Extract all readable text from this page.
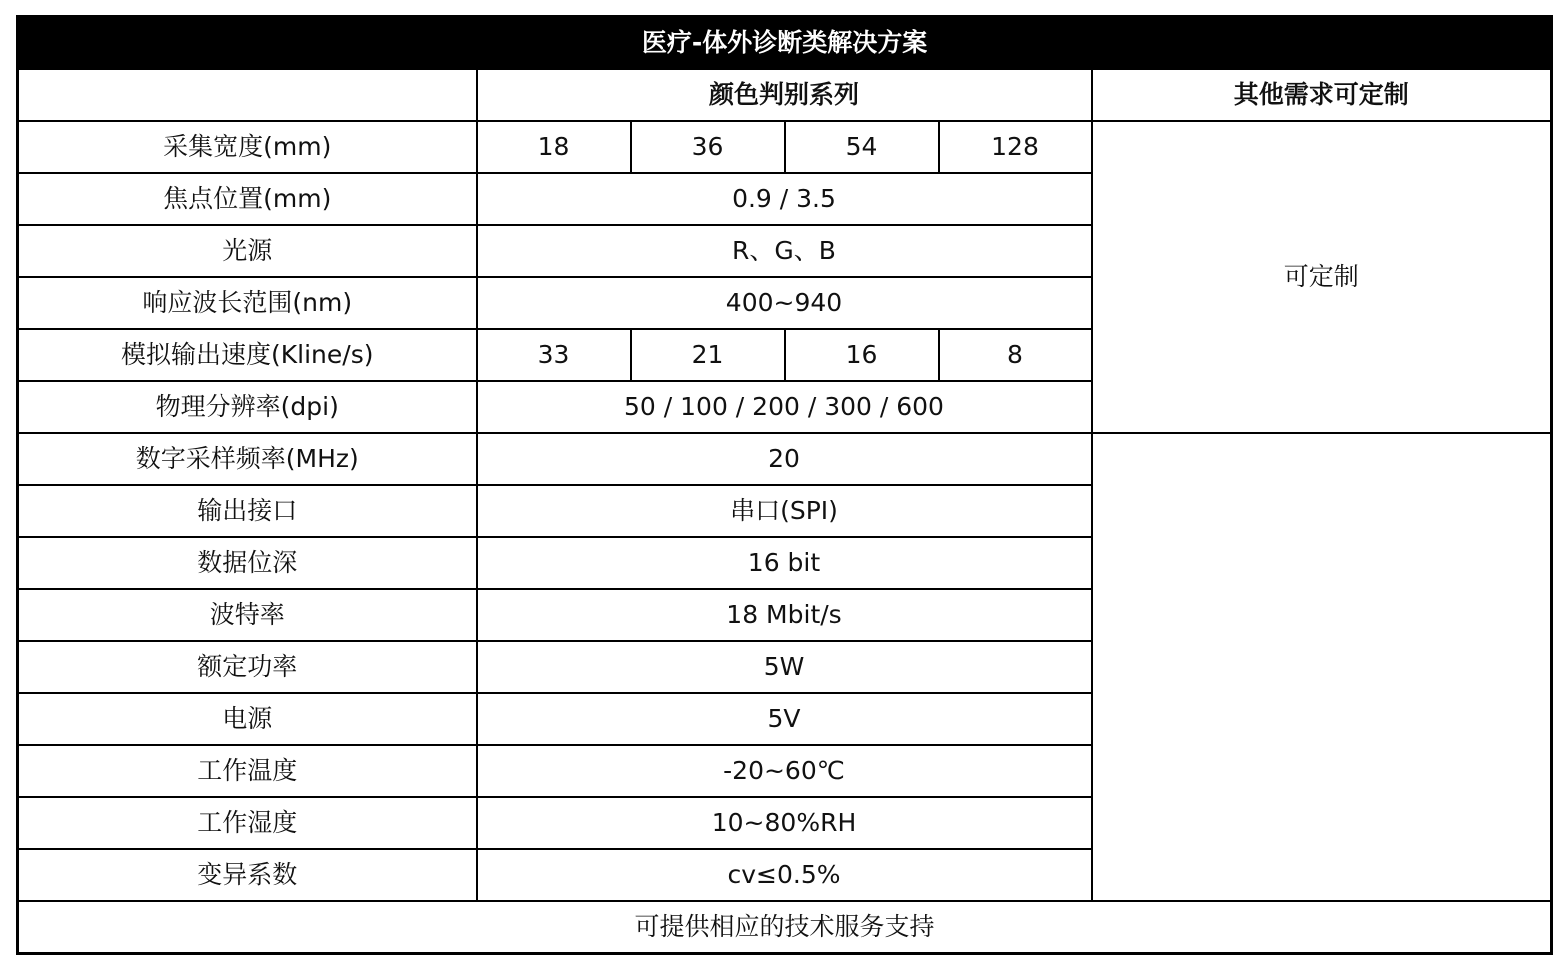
医疗-体外诊断类解决方案					
	颜色判别系列				其他需求可定制
采集宽度(mm)	18	36	54	128	可定制
焦点位置(mm)	0.9 / 3.5				
光源	R、G、B				
响应波长范围(nm)	400~940				
模拟输出速度(Kline/s)	33	21	16	8	
物理分辨率(dpi)	50 / 100 / 200 / 300 / 600				
数字采样频率(MHz)	20				
输出接口	串口(SPI)				
数据位深	16 bit				
波特率	18 Mbit/s				
额定功率	5W				
电源	5V				
工作温度	-20~60℃				
工作湿度	10~80%RH				
变异系数	cv≤0.5%				
可提供相应的技术服务支持					
